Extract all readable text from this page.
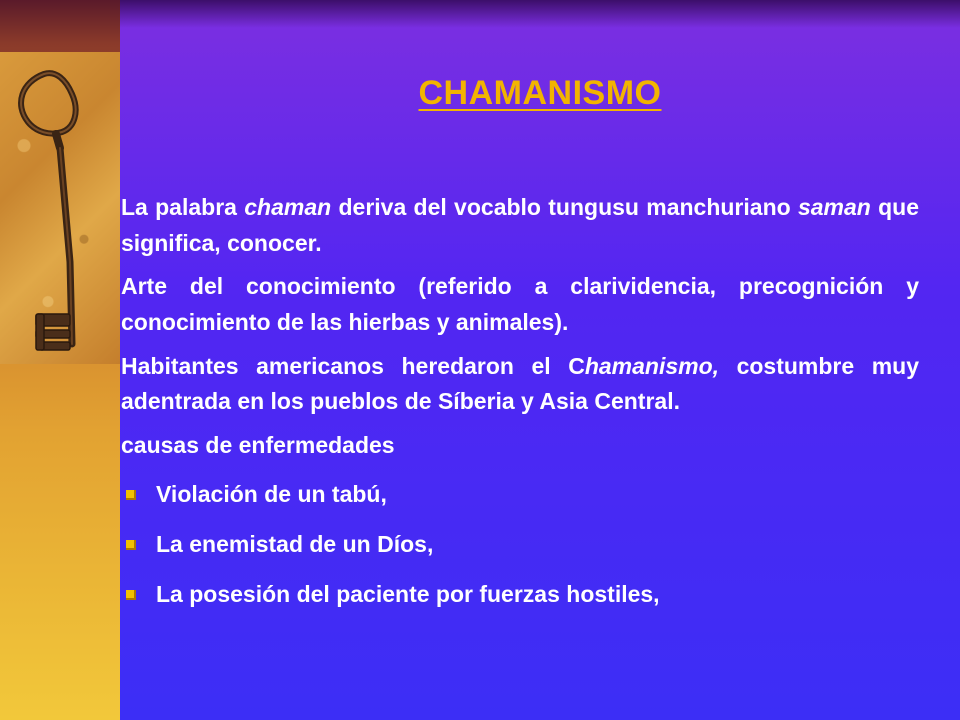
CHAMANISMO

La palabra chaman deriva del vocablo tungusu manchuriano saman que significa, conocer.

Arte del conocimiento (referido a clarividencia, precognición y conocimiento de las hierbas y animales).

Habitantes americanos heredaron el Chamanismo, costumbre muy adentrada en los pueblos de Síberia y Asia Central.

causas de enfermedades
Violación de un tabú,
La enemistad de un Díos,
La posesión del paciente por fuerzas hostiles,
